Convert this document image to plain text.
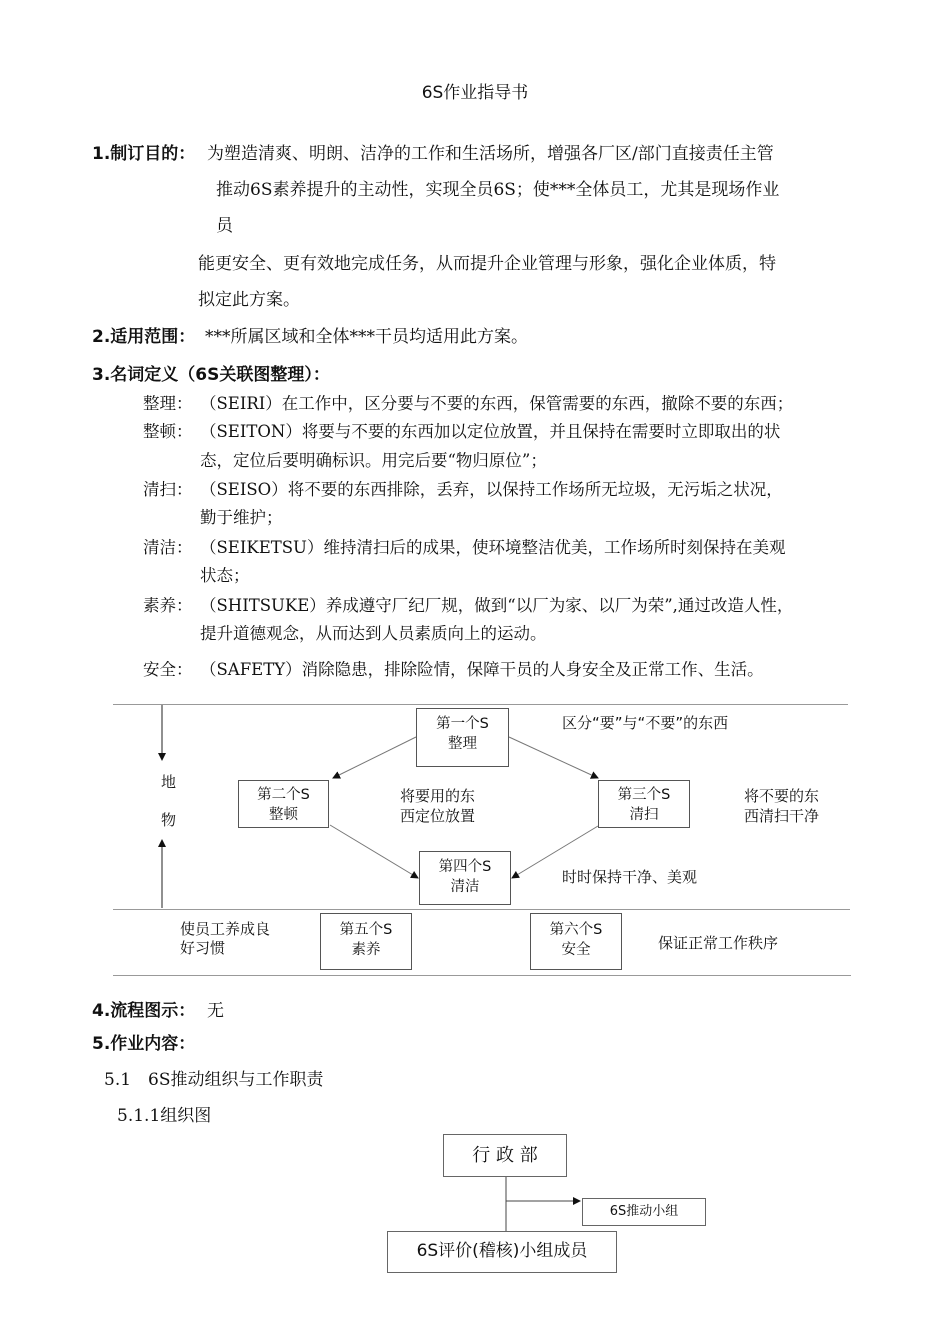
6S作业指导书
1.制订目的： 为塑造清爽、明朗、洁净的工作和生活场所，增强各厂区/部门直接责任主管
推动6S素养提升的主动性，实现全员6S；使***全体员工，尤其是现场作业
员
能更安全、更有效地完成任务，从而提升企业管理与形象，强化企业体质，特
拟定此方案。
2.适用范围： ***所属区域和全体***干员均适用此方案。
3.名词定义（6S关联图整理）：
整理： （SEIRI）在工作中，区分要与不要的东西，保管需要的东西，撤除不要的东西；
整顿： （SEITON）将要与不要的东西加以定位放置，并且保持在需要时立即取出的状
态，定位后要明确标识。用完后要“物归原位”；
清扫： （SEISO）将不要的东西排除，丢弃，以保持工作场所无垃圾，无污垢之状况，
勤于维护；
清洁： （SEIKETSU）维持清扫后的成果，使环境整洁优美，工作场所时刻保持在美观
状态；
素养： （SHITSUKE）养成遵守厂纪厂规，做到“以厂为家、以厂为荣”,通过改造人性，
提升道德观念，从而达到人员素质向上的运动。
安全： （SAFETY）消除隐患，排除险情，保障干员的人身安全及正常工作、生活。
地
物
第一个S
整理
第二个S
整顿
第三个S
清扫
第四个S
清洁
第五个S
素养
第六个S
安全
区分“要”与“不要”的东西
将要用的东
西定位放置
将不要的东
西清扫干净
时时保持干净、美观
使员工养成良
好习惯	保证正常工作秩序
4.流程图示： 无
5.作业内容：
5.1　6S推动组织与工作职责
5.1.1组织图
行 政 部
6S推动小组
6S评价(稽核)小组成员
